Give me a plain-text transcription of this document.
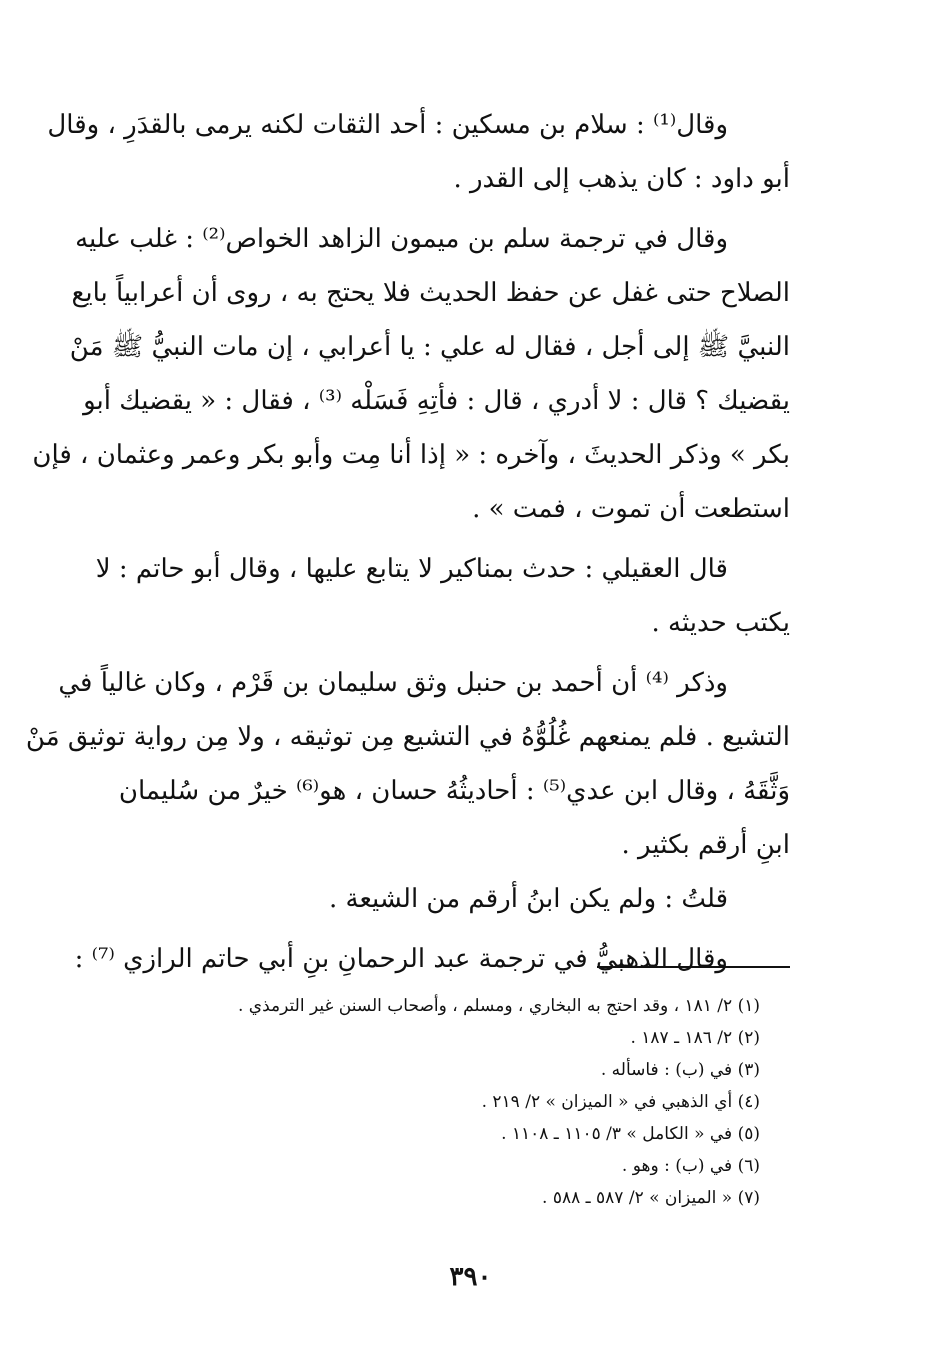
وقال⁽¹⁾ : سلام بن مسكين : أحد الثقات لكنه يرمى بالقدَرِ ، وقال
أبو داود : كان يذهب إلى القدر .
وقال في ترجمة سلم بن ميمون الزاهد الخواص⁽²⁾ : غلب عليه
الصلاح حتى غفل عن حفظ الحديث فلا يحتج به ، روى أن أعرابياً بايع
النبيَّ ﷺ إلى أجل ، فقال له علي : يا أعرابي ، إن مات النبيُّ ﷺ مَنْ
يقضيك ؟ قال : لا أدري ، قال : فأتِهِ فَسَلْه ⁽³⁾ ، فقال : « يقضيك أبو
بكر » وذكر الحديثَ ، وآخره : « إذا أنا مِت وأبو بكر وعمر وعثمان ، فإن
استطعت أن تموت ، فمت » .
قال العقيلي : حدث بمناكير لا يتابع عليها ، وقال أبو حاتم : لا
يكتب حديثه .
وذكر ⁽⁴⁾ أن أحمد بن حنبل وثق سليمان بن قَرْم ، وكان غالياً في
التشيع . فلم يمنعهم غُلُوُّهُ في التشيع مِن توثيقه ، ولا مِن رواية توثيق مَنْ
وَثَّقَهُ ، وقال ابن عدي⁽⁵⁾ : أحاديثُهُ حسان ، هو⁽⁶⁾ خيرٌ من سُليمان
ابنِ أرقم بكثير .
قلتُ : ولم يكن ابنُ أرقم من الشيعة .
وقال الذهبيُّ في ترجمة عبد الرحمانِ بنِ أبي حاتم الرازي ⁽⁷⁾ :
(١) ٢/ ١٨١ ، وقد احتج به البخاري ، ومسلم ، وأصحاب السنن غير الترمذي .
(٢) ٢/ ١٨٦ ـ ١٨٧ .
(٣) في (ب) : فاسأله .
(٤) أي الذهبي في « الميزان » ٢/ ٢١٩ .
(٥) في « الكامل » ٣/ ١١٠٥ ـ ١١٠٨ .
(٦) في (ب) : وهو .
(٧) « الميزان » ٢/ ٥٨٧ ـ ٥٨٨ .
٣٩٠
